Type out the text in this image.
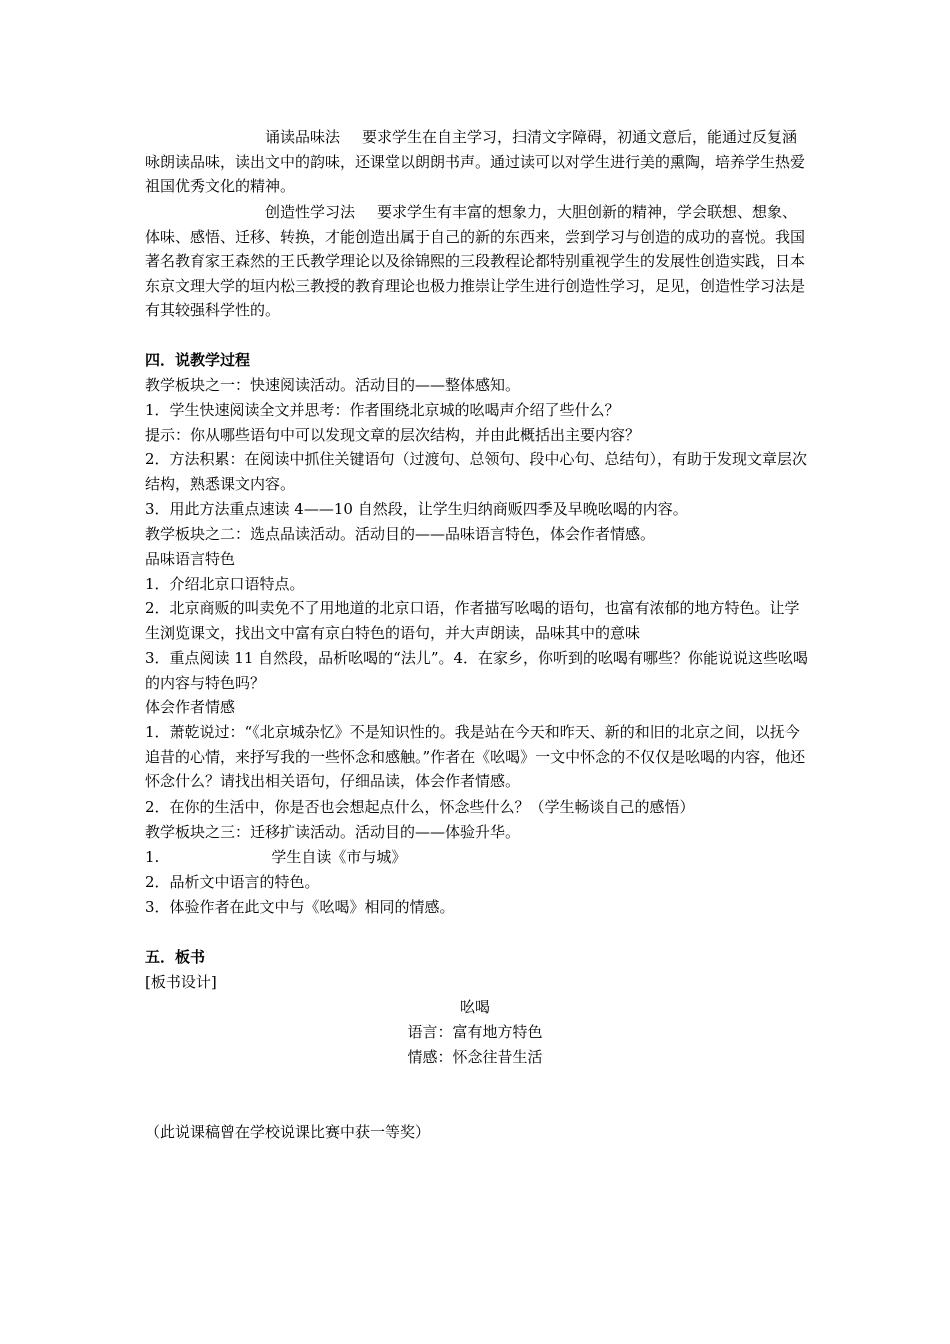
诵读品味法 要求学生在自主学习，扫清文字障碍，初通文意后，能通过反复涵咏朗读品味，读出文中的韵味，还课堂以朗朗书声。通过读可以对学生进行美的熏陶，培养学生热爱祖国优秀文化的精神。

创造性学习法 要求学生有丰富的想象力，大胆创新的精神，学会联想、想象、体味、感悟、迁移、转换，才能创造出属于自己的新的东西来，尝到学习与创造的成功的喜悦。我国著名教育家王森然的王氏教学理论以及徐锦熙的三段教程论都特别重视学生的发展性创造实践，日本东京文理大学的垣内松三教授的教育理论也极力推崇让学生进行创造性学习，足见，创造性学习法是有其较强科学性的。

四．说教学过程

教学板块之一：快速阅读活动。活动目的——整体感知。

1．学生快速阅读全文并思考：作者围绕北京城的吆喝声介绍了些什么？

提示：你从哪些语句中可以发现文章的层次结构，并由此概括出主要内容？

2．方法积累：在阅读中抓住关键语句（过渡句、总领句、段中心句、总结句），有助于发现文章层次结构，熟悉课文内容。

3．用此方法重点速读 4——10 自然段，让学生归纳商贩四季及早晚吆喝的内容。

教学板块之二：选点品读活动。活动目的——品味语言特色，体会作者情感。

品味语言特色

1．介绍北京口语特点。

2．北京商贩的叫卖免不了用地道的北京口语，作者描写吆喝的语句，也富有浓郁的地方特色。让学生浏览课文，找出文中富有京白特色的语句，并大声朗读，品味其中的意味

3．重点阅读 11 自然段，品析吆喝的“法儿”。4．在家乡，你听到的吆喝有哪些？你能说说这些吆喝的内容与特色吗？

体会作者情感

1．萧乾说过：“《北京城杂忆》不是知识性的。我是站在今天和昨天、新的和旧的北京之间，以抚今追昔的心情，来抒写我的一些怀念和感触。”作者在《吆喝》一文中怀念的不仅仅是吆喝的内容，他还怀念什么？请找出相关语句，仔细品读，体会作者情感。

2．在你的生活中，你是否也会想起点什么，怀念些什么？（学生畅谈自己的感悟）

教学板块之三：迁移扩读活动。活动目的——体验升华。

1.	学生自读《市与城》

2．品析文中语言的特色。

3．体验作者在此文中与《吆喝》相同的情感。

五．板书

[板书设计]

吆喝

语言：富有地方特色

情感：怀念往昔生活

（此说课稿曾在学校说课比赛中获一等奖）
